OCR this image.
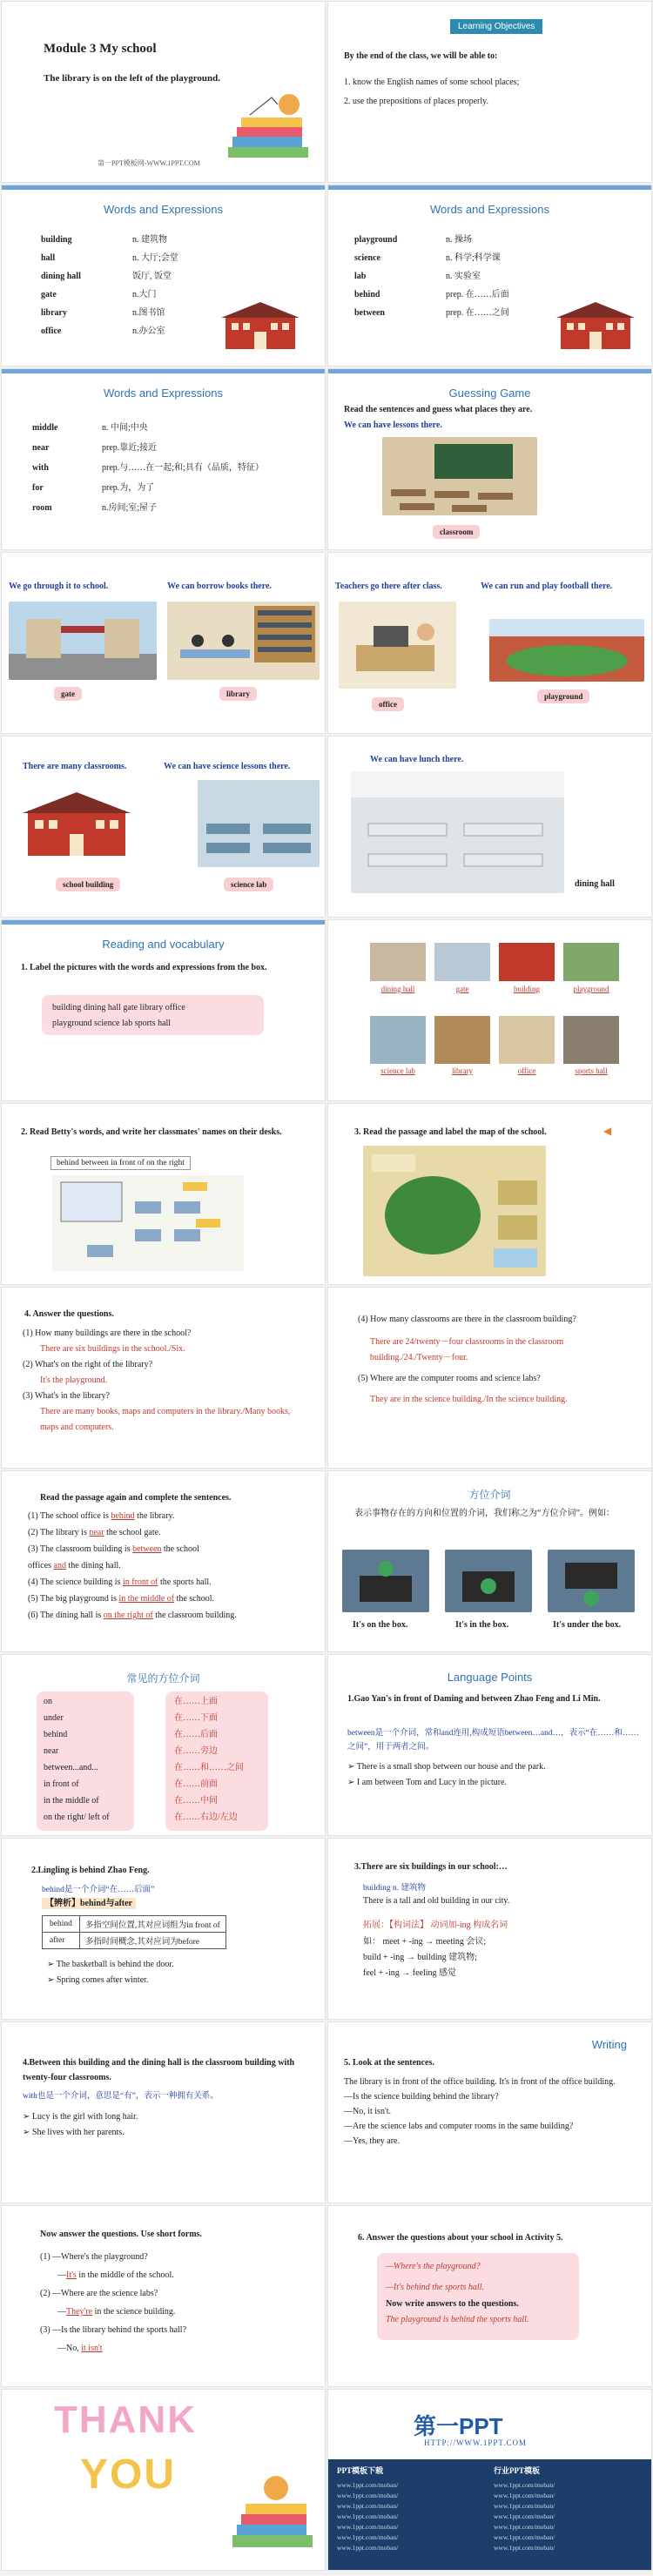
Module 3 My school
The library is on the left of the playground.
第一PPT模板网-WWW.1PPT.COM
Learning Objectives
By the end of the class, we will be able to:
1. know the English names of some school places;
2. use the prepositions of places properly.
Words and Expressions
building	n. 建筑物
hall	n. 大厅;会堂
dining hall	饭厅, 饭堂
gate	n.大门
library	n.图书馆
office	n.办公室
Words and Expressions
playground	n. 操场
science	n. 科学;科学课
lab	n. 实验室
behind	prep. 在……后面
between	prep. 在……之间
Words and Expressions
middle	n. 中间;中央
near	prep.靠近;接近
with	prep.与……在一起;和;具有（品质，特征）
for	prep.为，为了
room	n.房间;室;屋子
Guessing Game
Read the sentences and guess what places they are.
We can have lessons there.
classroom
We go through it to school.	We can borrow books there.
gate	library
Teachers go there after class.	We can run and play football there.
office
playground
There are many classrooms.	We can have science lessons there.
school building	science lab
We can have lunch there.
dining hall
Reading and vocabulary
1. Label the pictures with the words and expressions from the box.
building dining hall gate library office
playground science lab sports hall
dining hall	gate	building	playground
science lab	library	office	sports hall
2. Read Betty's words, and write her classmates' names on their desks.
behind between in front of on the right
3. Read the passage and label the map of the school.	◀
4. Answer the questions.
(1) How many buildings are there in the school?
There are six buildings in the school./Six.
(2) What's on the right of the library?
It's the playground.
(3) What's in the library?
There are many books, maps and computers in the library./Many books, maps and computers.
(4) How many classrooms are there in the classroom building?
There are 24/twenty－four classrooms in the classroom building./24./Twenty－four.
(5) Where are the computer rooms and science labs?
They are in the science building./In the science building.
Read the passage again and complete the sentences.
(1) The school office is behind the library.
(2) The library is near the school gate.
(3) The classroom building is between the school
offices and the dining hall.
(4) The science building is in front of the sports hall.
(5) The big playground is in the middle of the school.
(6) The dining hall is on the right of the classroom building.
方位介词
表示事物存在的方向和位置的介词，我们称之为“方位介词”。例如：
It's on the box.	It's in the box.	It's under the box.
常见的方位介词
on
under
behind
near
between...and...
in front of
in the middle of
on the right/ left of
在……上面
在……下面
在……后面
在……旁边
在……和……之间
在……前面
在……中间
在……右边/左边
Language Points
1.Gao Yan's in front of Daming and between Zhao Feng and Li Min.
between是一个介词，常和and连用,构成短语between…and…，表示“在……和……之间”，用于两者之间。
➢ There is a small shop between our house and the park.
➢ I am between Tom and Lucy in the picture.
2.Lingling is behind Zhao Feng.
behind是一个介词“在……后面”
【辨析】behind与after
behind	多指空间位置,其对应词组为in front of
after	多指时间概念,其对应词为before
➢ The basketball is behind the door.
➢ Spring comes after winter.
3.There are six buildings in our school:…
building n. 建筑物
There is a tall and old building in our city.
拓展：【构词法】 动词加-ing 构成名词
如： meet + -ing → meeting 会议;
build + -ing → building 建筑物;
feel + -ing → feeling 感觉
4.Between this building and the dining hall is the classroom building with twenty-four classrooms.
with也是一个介词，意思是“有”，表示一种拥有关系。
➢ Lucy is the girl with long hair.
➢ She lives with her parents.
Writing
5. Look at the sentences.
The library is in front of the office building. It's in front of the office building.
—Is the science building behind the library?
—No, it isn't.
—Are the science labs and computer rooms in the same building?
—Yes, they are.
Now answer the questions. Use short forms.
(1) —Where's the playground?
—It's in the middle of the school.
(2) —Where are the science labs?
—They're in the science building.
(3) —Is the library behind the sports hall?
—No, it isn't
6. Answer the questions about your school in Activity 5.
—Where's the playground?
—It's behind the sports hall.
Now write answers to the questions.
The playground is behind the sports hall.
THANK
YOU
第一PPT
HTTP://WWW.1PPT.COM
PPT模板下载	行业PPT模板
www.1ppt.com/moban/
www.1ppt.com/moban/
www.1ppt.com/moban/
www.1ppt.com/moban/
www.1ppt.com/moban/
www.1ppt.com/moban/
www.1ppt.com/moban/
www.1ppt.com/moban/
www.1ppt.com/moban/
www.1ppt.com/moban/
www.1ppt.com/moban/
www.1ppt.com/moban/
www.1ppt.com/moban/
www.1ppt.com/moban/
